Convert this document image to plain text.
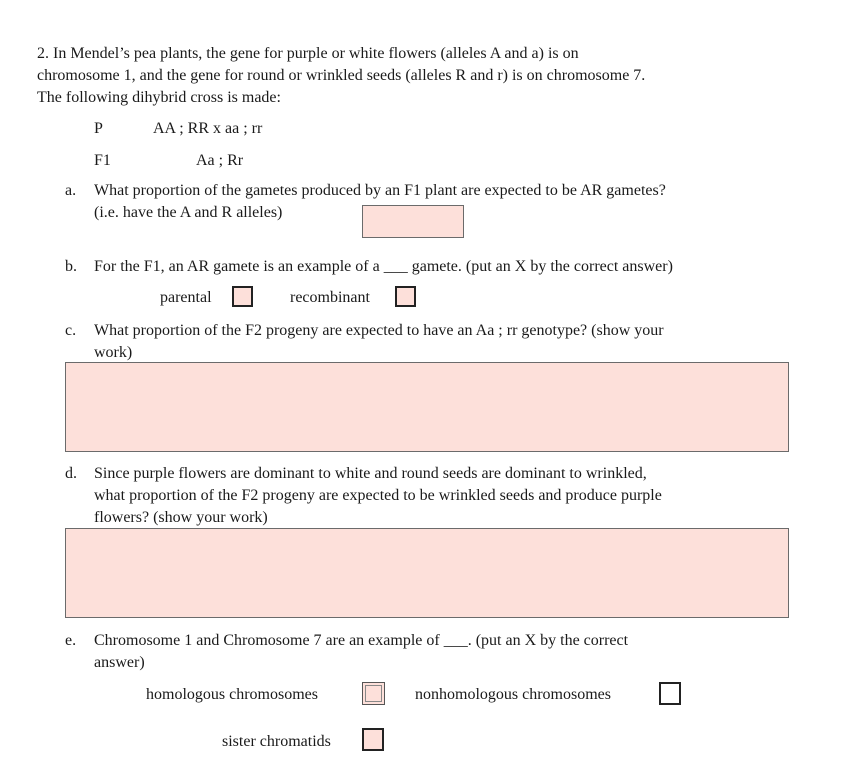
2. In Mendel’s pea plants, the gene for purple or white flowers (alleles A and a) is on
chromosome 1, and the gene for round or wrinkled seeds (alleles R and r) is on chromosome 7.
The following dihybrid cross is made:
P	AA ; RR x aa ; rr
F1	Aa ; Rr
a. What proportion of the gametes produced by an F1 plant are expected to be AR gametes?
(i.e. have the A and R alleles)
b. For the F1, an AR gamete is an example of a ___ gamete. (put an X by the correct answer)
parental	recombinant
c. What proportion of the F2 progeny are expected to have an Aa ; rr genotype? (show your
work)
d. Since purple flowers are dominant to white and round seeds are dominant to wrinkled,
what proportion of the F2 progeny are expected to be wrinkled seeds and produce purple
flowers? (show your work)
e. Chromosome 1 and Chromosome 7 are an example of ___. (put an X by the correct
answer)
homologous chromosomes	nonhomologous chromosomes
sister chromatids
